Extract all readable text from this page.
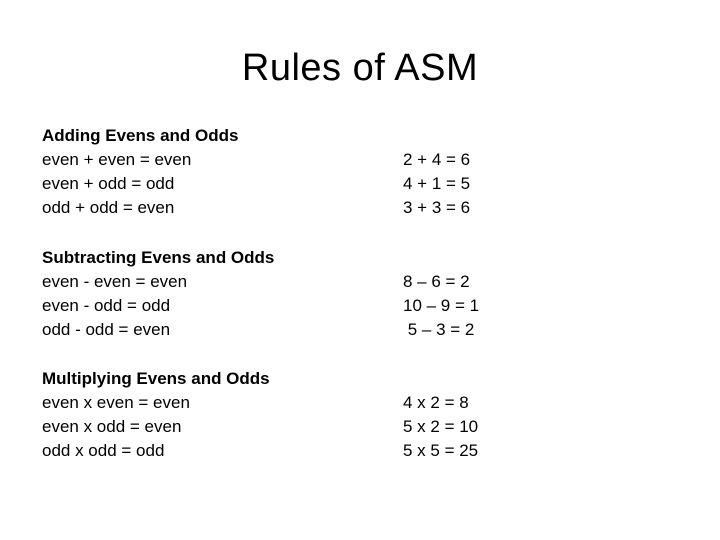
Rules of ASM
Adding Evens and Odds
even + even = even
even + odd = odd
odd + odd = even
2 + 4 = 6
4 + 1 = 5
3 + 3 = 6
Subtracting Evens and Odds
even - even = even
even - odd = odd
odd - odd = even
8 – 6 = 2
10 – 9 = 1
5 – 3 = 2
Multiplying Evens and Odds
even x even = even
even x odd = even
odd x odd = odd
4 x 2 = 8
5 x 2 = 10
5 x 5 = 25
